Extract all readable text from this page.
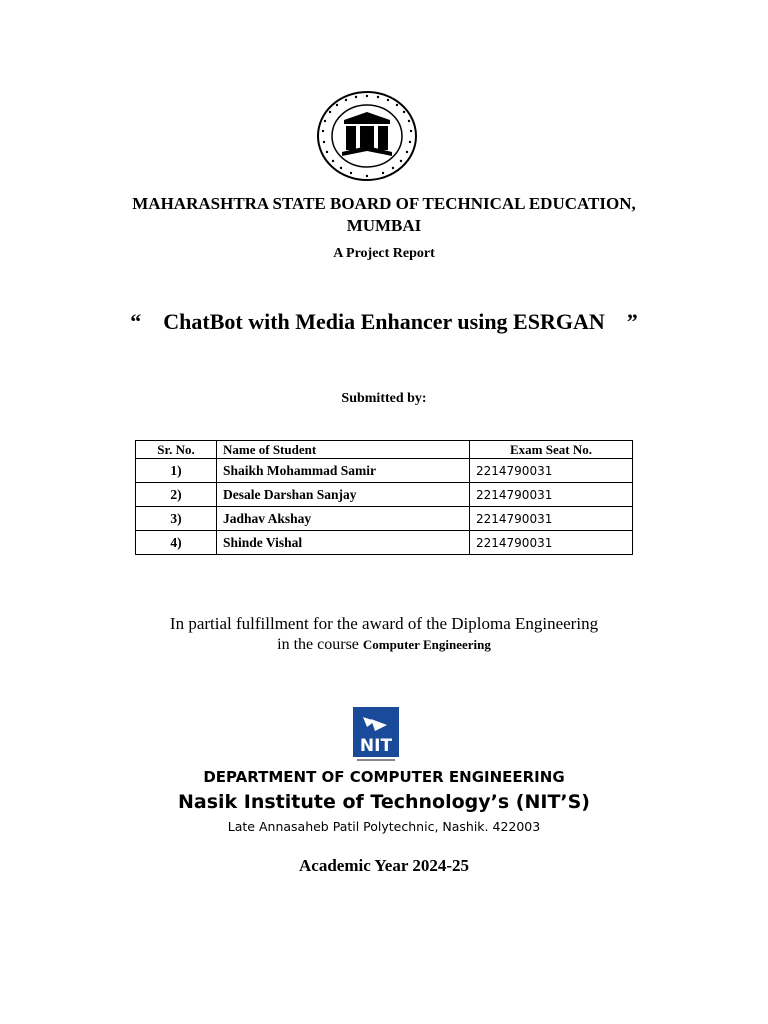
MAHARASHTRA STATE BOARD OF TECHNICAL EDUCATION,
MUMBAI
A Project Report
“ ChatBot with Media Enhancer using ESRGAN ”
Submitted by:
Sr. No.	Name of Student	Exam Seat No.
1)	Shaikh Mohammad Samir	2214790031
2)	Desale Darshan Sanjay	2214790031
3)	Jadhav Akshay	2214790031
4)	Shinde Vishal	2214790031
In partial fulfillment for the award of the Diploma Engineering
in the course Computer Engineering
NIT
DEPARTMENT OF COMPUTER ENGINEERING
Nasik Institute of Technology’s (NIT’S)
Late Annasaheb Patil Polytechnic, Nashik. 422003
Academic Year 2024-25
